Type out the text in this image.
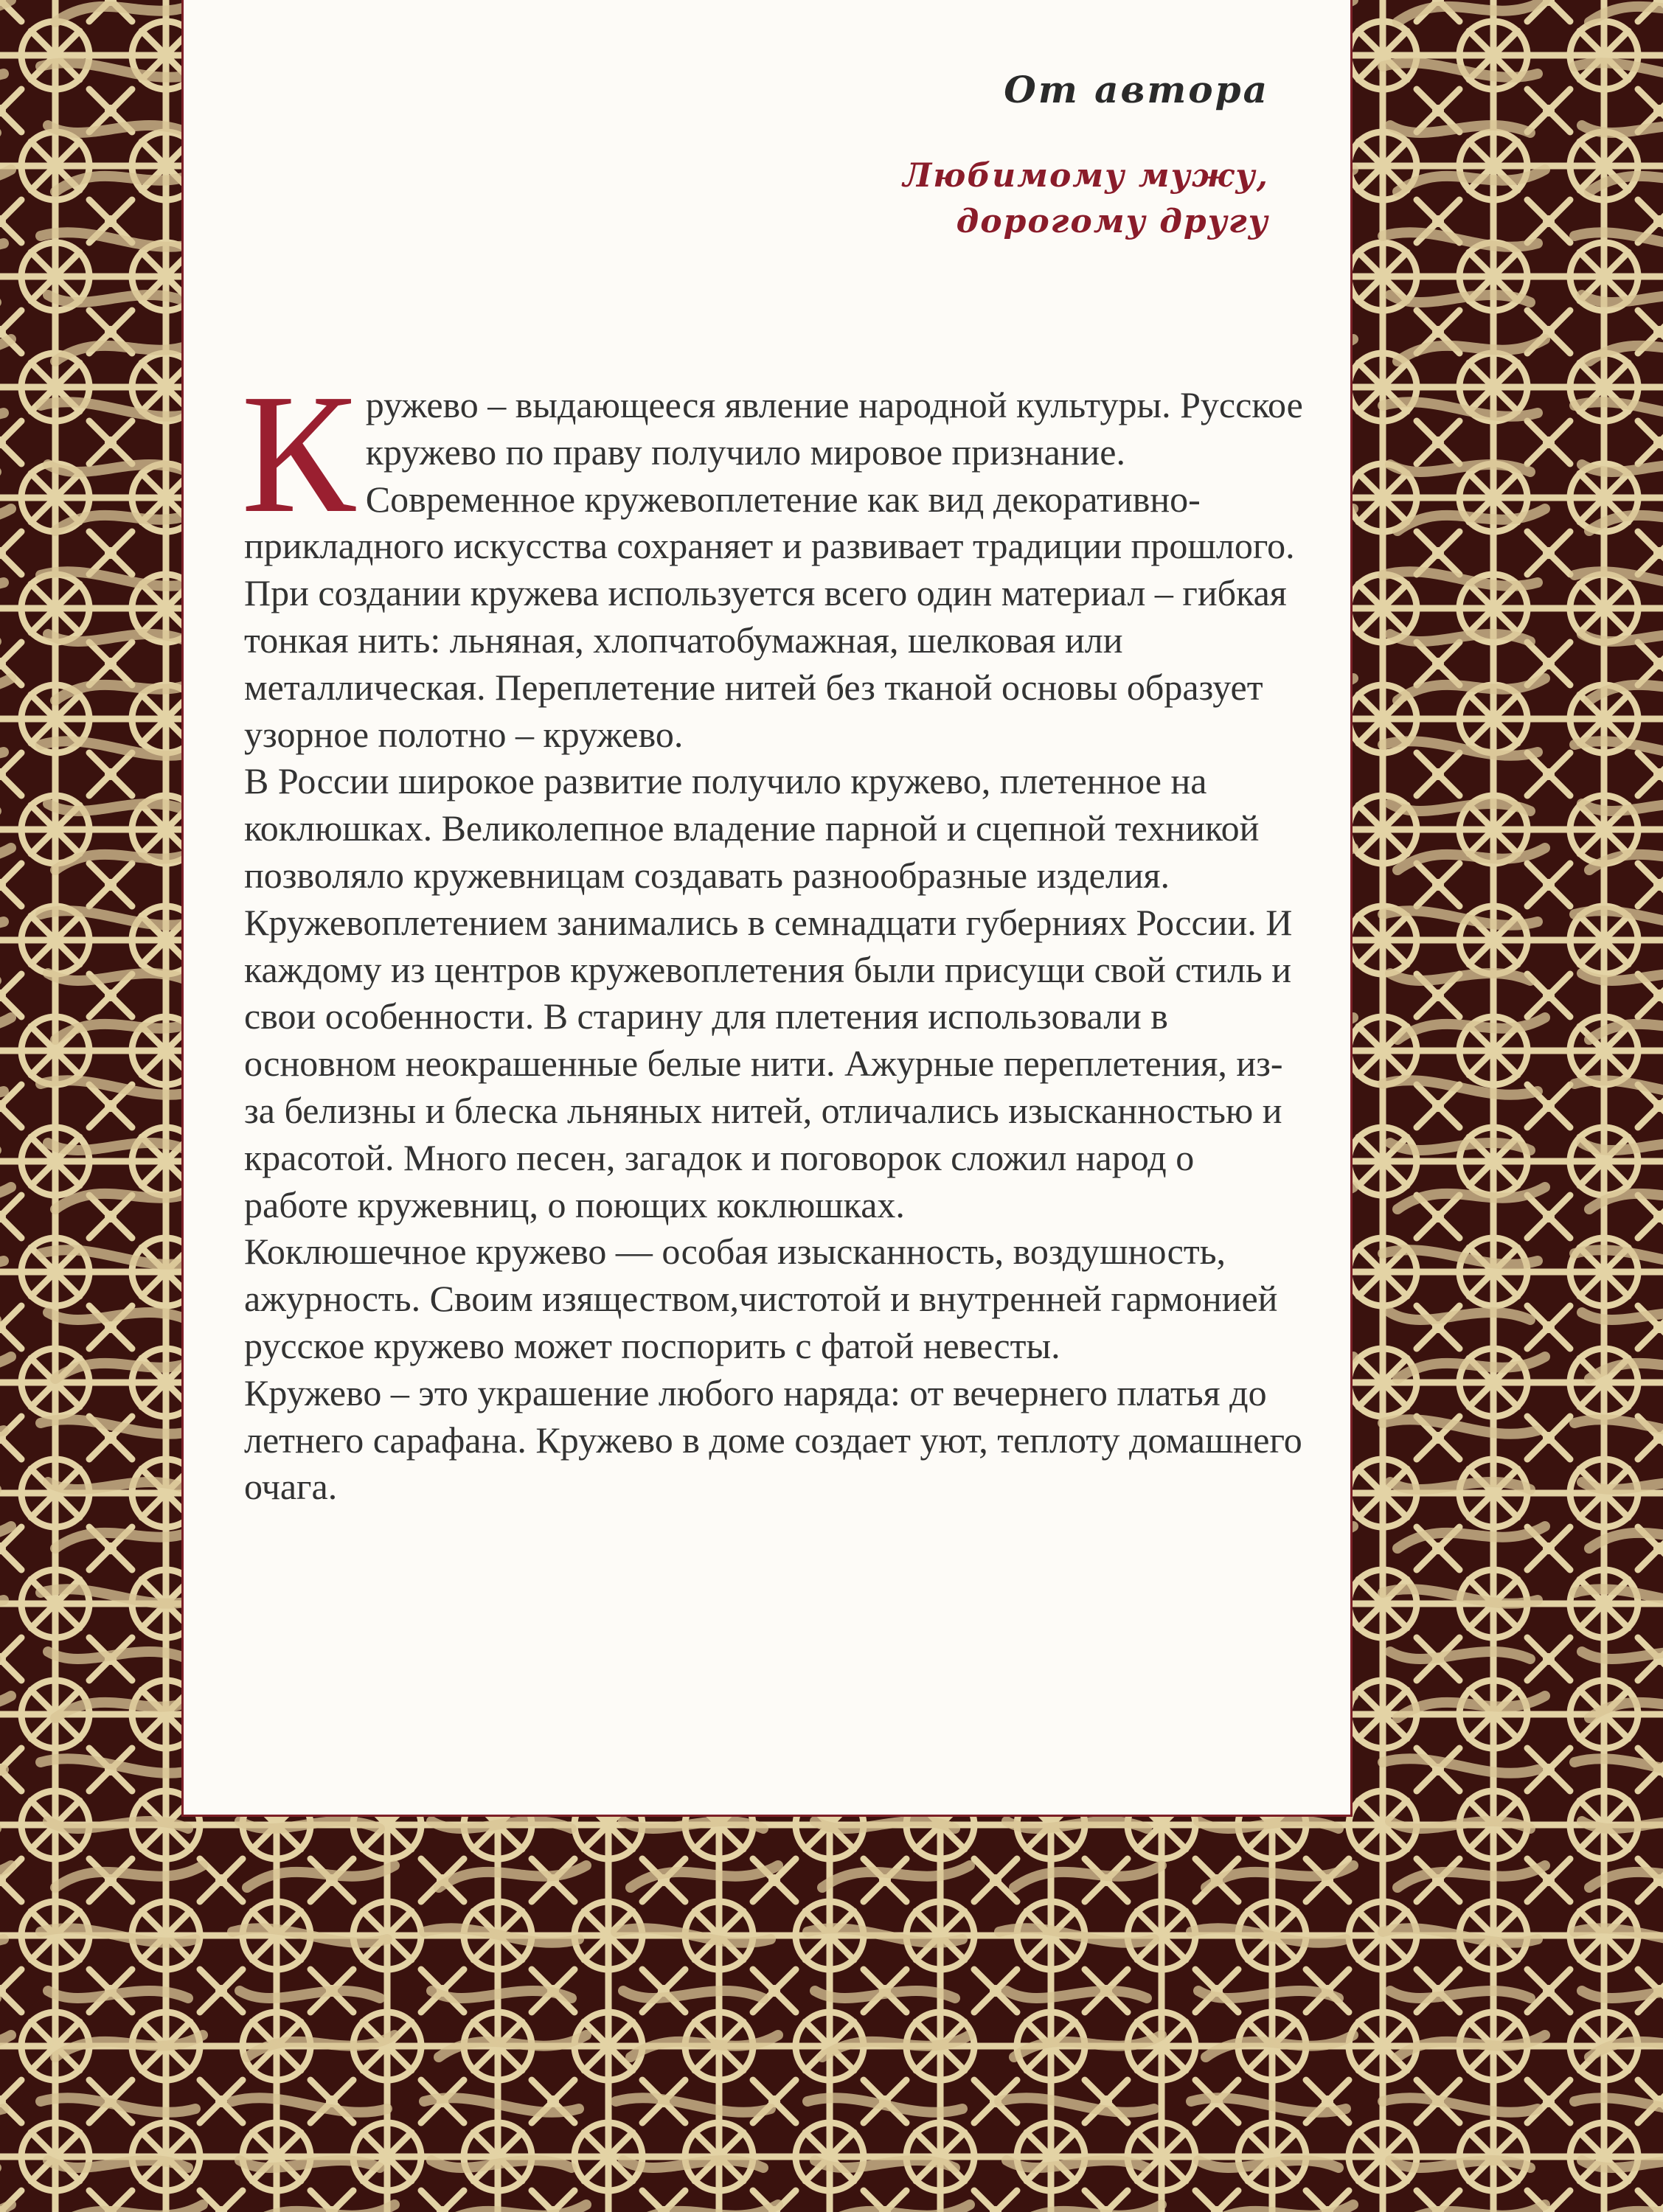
От автора
Любимому мужу,
дорогому другу
К ружево – выдающееся явление народной культуры. Русское кружево по праву получило мировое признание. Современное кружевоплетение как вид декоративно-прикладного искусства сохраняет и развивает традиции прошлого.

При создании кружева используется всего один материал – гибкая тонкая нить: льняная, хлопчатобумажная, шелковая или металлическая. Переплетение нитей без тканой основы образует узорное полотно – кружево.

В России широкое развитие получило кружево, плетенное на коклюшках. Великолепное владение парной и сцепной техникой позволяло кружевницам создавать разнообразные изделия. Кружевоплетением занимались в семнадцати губерниях России. И каждому из центров кружевоплетения были присущи свой стиль и свои особенности. В старину для плетения использовали в основном неокрашенные белые нити. Ажурные переплетения, из-за белизны и блеска льняных нитей, отличались изысканностью и красотой. Много песен, загадок и поговорок сложил народ о работе кружевниц, о поющих коклюшках.

Коклюшечное кружево — особая изысканность, воздушность, ажурность. Своим изяществом,чистотой и внутренней гармонией русское кружево может поспорить с фатой невесты.

Кружево – это украшение любого наряда: от вечернего платья до летнего сарафана. Кружево в доме создает уют, теплоту домашнего очага.
